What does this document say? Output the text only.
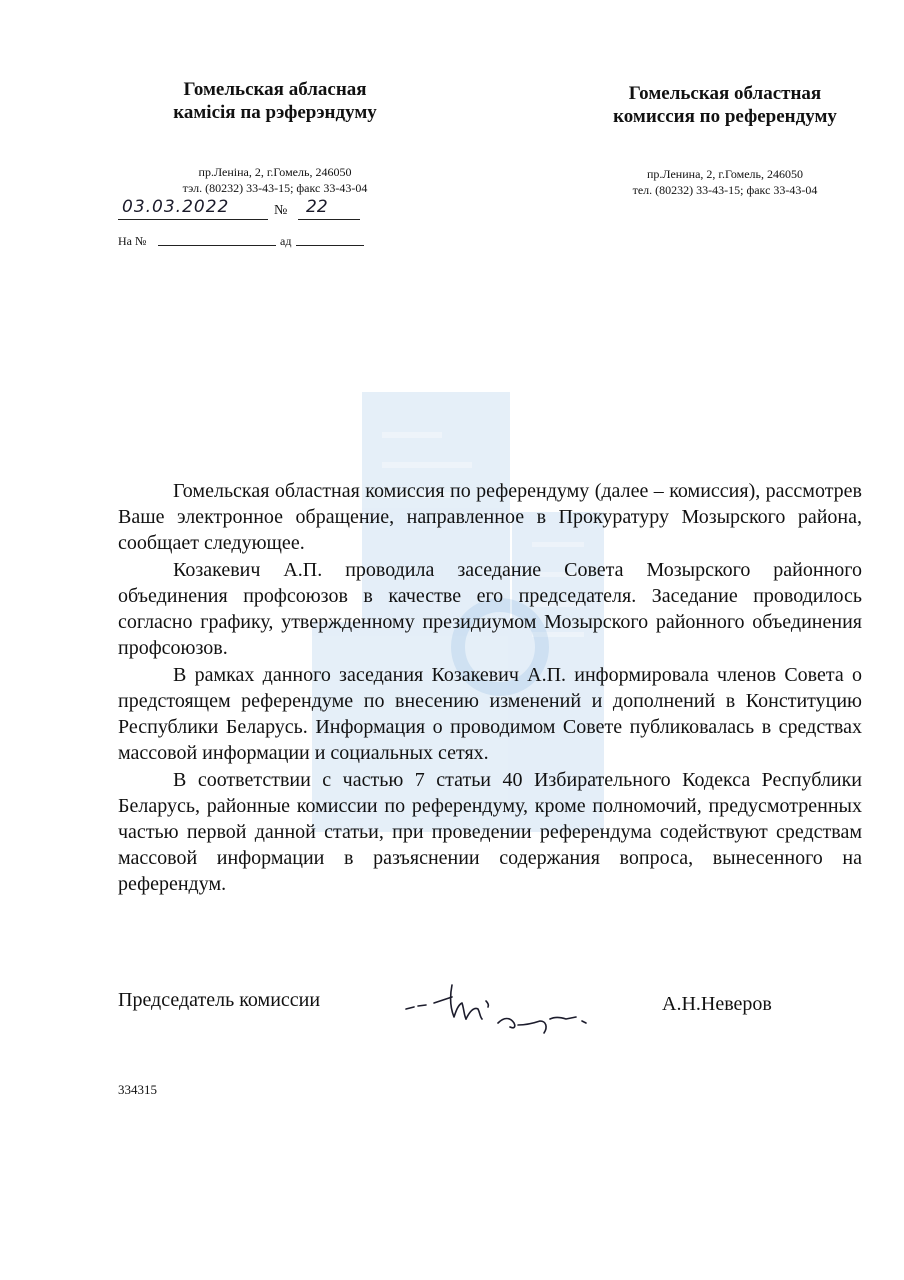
Гомельская абласная
камісія па рэферэндуму
пр.Леніна, 2, г.Гомель, 246050
тэл. (80232) 33-43-15; факс 33-43-04
Гомельская областная
комиссия по референдуму
пр.Ленина, 2, г.Гомель, 246050
тел. (80232) 33-43-15; факс 33-43-04
03.03.2022	№ 22
На №	ад

Гомельская областная комиссия по референдуму (далее – комиссия), рассмотрев Ваше электронное обращение, направленное в Прокуратуру Мозырского района, сообщает следующее.

Козакевич А.П. проводила заседание Совета Мозырского районного объединения профсоюзов в качестве его председателя. Заседание проводилось согласно графику, утвержденному президиумом Мозырского районного объединения профсоюзов.

В рамках данного заседания Козакевич А.П. информировала членов Совета о предстоящем референдуме по внесению изменений и дополнений в Конституцию Республики Беларусь. Информация о проводимом Совете публиковалась в средствах массовой информации и социальных сетях.

В соответствии с частью 7 статьи 40 Избирательного Кодекса Республики Беларусь, районные комиссии по референдуму, кроме полномочий, предусмотренных частью первой данной статьи, при проведении референдума содействуют средствам массовой информации в разъяснении содержания вопроса, вынесенного на референдум.

Председатель комиссии	А.Н.Неверов
334315
